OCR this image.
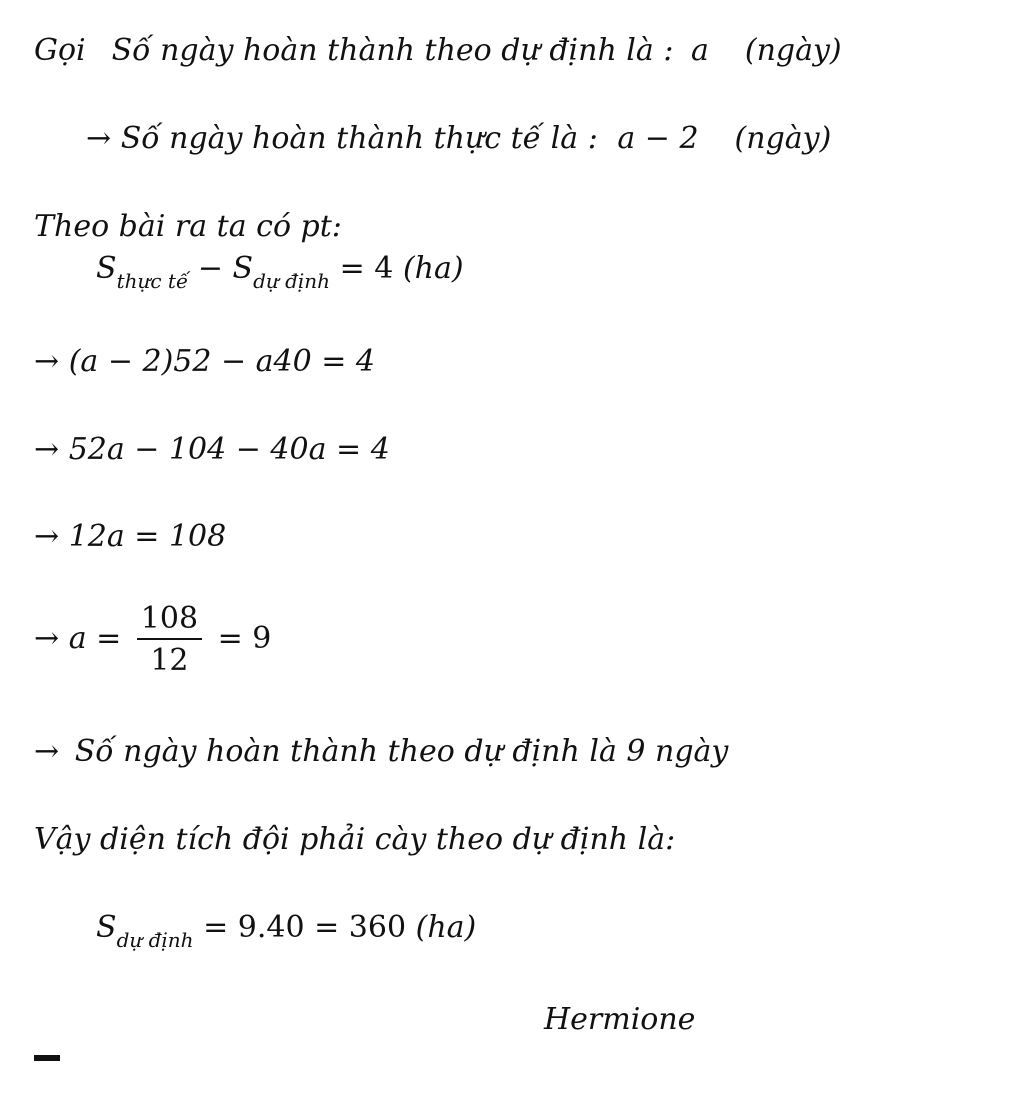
Gọi Số ngày hoàn thành theo dự định là : a (ngày)
→ Số ngày hoàn thành thực tế là : a − 2 (ngày)
Theo bài ra ta có pt:
$S_{thực tế} - S_{dự định} = 4$ (ha)
→ (a − 2)52 − a40 = 4
→ 52a − 104 − 40a = 4
→ 12a = 108
→ $a = \frac{108}{12} = 9$
→ Số ngày hoàn thành theo dự định là 9 ngày
Vậy diện tích đội phải cày theo dự định là:
$S_{dự định} = 9.40 = 360$ (ha)
Hermione
